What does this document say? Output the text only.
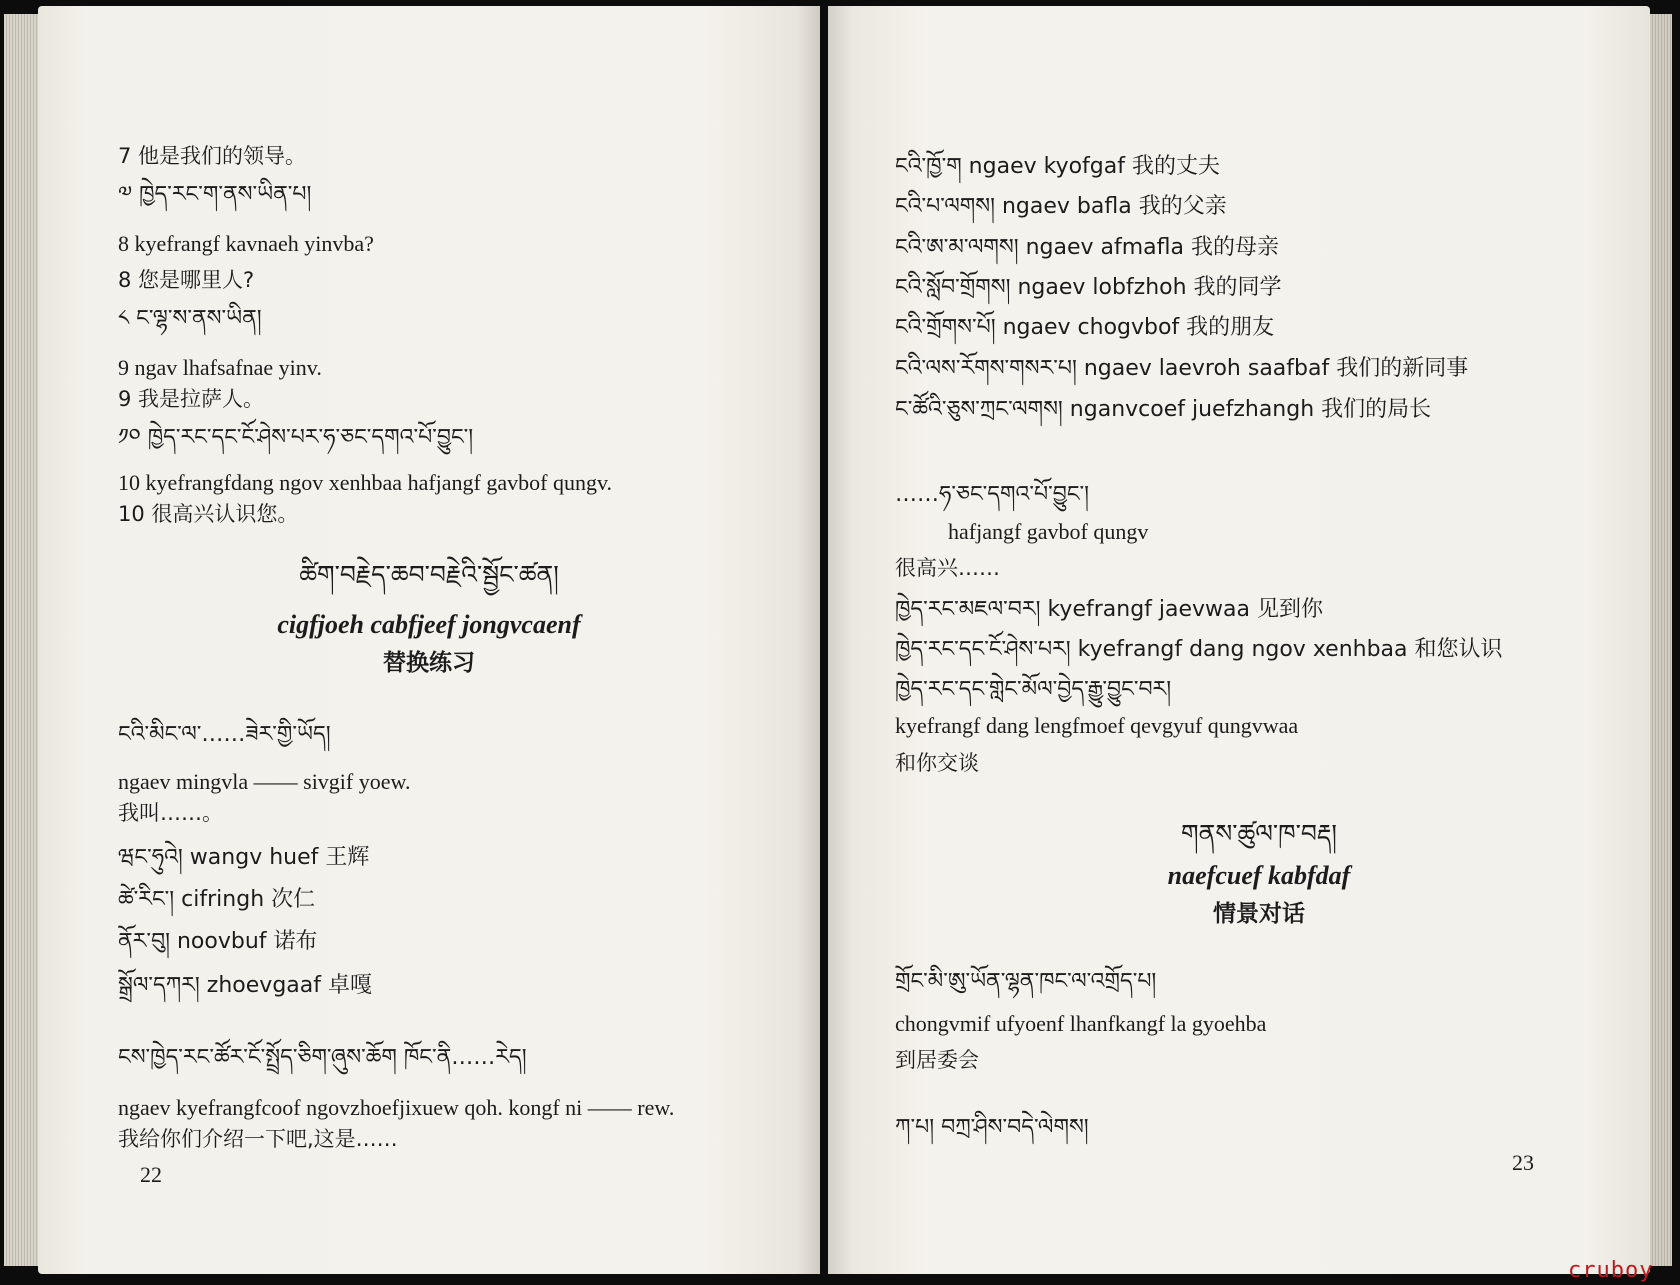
7 他是我们的领导。
༧ ཁྱེད་རང་ག་ནས་ཡིན་པ།
8 kyefrangf kavnaeh yinvba?
8 您是哪里人?
༨ ང་ལྷ་ས་ནས་ཡིན།
9 ngav lhafsafnae yinv.
9 我是拉萨人。
༡༠ ཁྱེད་རང་དང་ངོ་ཤེས་པར་ཧ་ཅང་དགའ་པོ་བྱུང་།
10 kyefrangfdang ngov xenhbaa hafjangf gavbof qungv.
10 很高兴认识您。
ཚིག་བརྗེད་ཆབ་བརྗེའི་སྦྱོང་ཚན།
cigfjoeh cabfjeef jongvcaenf
替换练习
ངའི་མིང་ལ་……ཟེར་གྱི་ཡོད།
ngaev mingvla —— sivgif yoew.
我叫……。
ཝང་ཧུའེ། wangv huef 王辉
ཚེ་རིང་། cifringh 次仁
ནོར་བུ། noovbuf 诺布
སྒྲོལ་དཀར། zhoevgaaf 卓嘎
ངས་ཁྱེད་རང་ཚོར་ངོ་སྤྲོད་ཅིག་ཞུས་ཆོག ཁོང་ནི……རེད།
ngaev kyefrangfcoof ngovzhoefjixuew qoh. kongf ni —— rew.
我给你们介绍一下吧,这是……
22
ངའི་ཁྱོ་ག ngaev kyofgaf 我的丈夫
ངའི་པ་ལགས། ngaev bafla 我的父亲
ངའི་ཨ་མ་ལགས། ngaev afmafla 我的母亲
ངའི་སློབ་གྲོགས། ngaev lobfzhoh 我的同学
ངའི་གྲོགས་པོ། ngaev chogvbof 我的朋友
ངའི་ལས་རོགས་གསར་པ། ngaev laevroh saafbaf 我们的新同事
ང་ཚོའི་ཅུས་ཀྲང་ལགས། nganvcoef juefzhangh 我们的局长
……ཧ་ཅང་དགའ་པོ་བྱུང་།
hafjangf gavbof qungv
很高兴……
ཁྱེད་རང་མཇལ་བར། kyefrangf jaevwaa 见到你
ཁྱེད་རང་དང་ངོ་ཤེས་པར། kyefrangf dang ngov xenhbaa 和您认识
ཁྱེད་རང་དང་གླེང་མོལ་བྱེད་རྒྱུ་བྱུང་བར།
kyefrangf dang lengfmoef qevgyuf qungvwaa
和你交谈
གནས་ཚུལ་ཁ་བརྡ།
naefcuef kabfdaf
情景对话
གྲོང་མི་ཨུ་ཡོན་ལྷན་ཁང་ལ་འགྲོད་པ།
chongvmif ufyoenf lhanfkangf la gyoehba
到居委会
ཀ་པ། བཀྲ་ཤིས་བདེ་ལེགས།
23
cruboy
